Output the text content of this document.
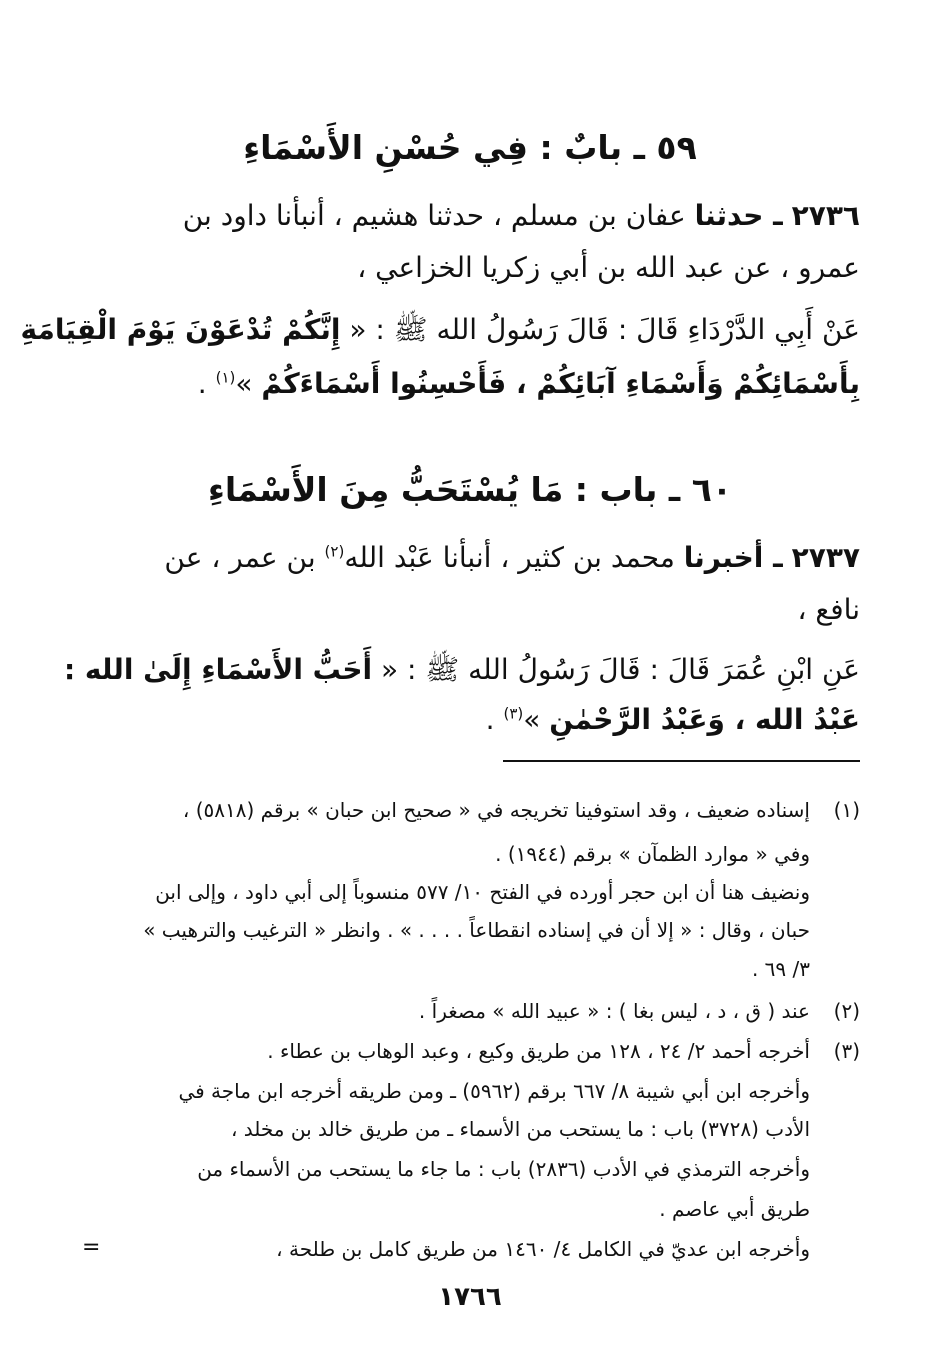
٥٩ ـ بابٌ : فِي حُسْنِ الأَسْمَاءِ
٢٧٣٦ ـ حدثنا عفان بن مسلم ، حدثنا هشيم ، أنبأنا داود بن
عمرو ، عن عبد الله بن أبي زكريا الخزاعي ،
عَنْ أَبِي الدَّرْدَاءِ قَالَ : قَالَ رَسُولُ الله ﷺ : « إِنَّكُمْ تُدْعَوْنَ يَوْمَ الْقِيَامَةِ
بِأَسْمَائِكُمْ وَأَسْمَاءِ آبَائِكُمْ ، فَأَحْسِنُوا أَسْمَاءَكُمْ »$^{(١)}$ .
٦٠ ـ باب : مَا يُسْتَحَبُّ مِنَ الأَسْمَاءِ
٢٧٣٧ ـ أخبرنا محمد بن كثير ، أنبأنا عَبْد الله$^{(٢)}$ بن عمر ، عن
نافع ،
عَنِ ابْنِ عُمَرَ قَالَ : قَالَ رَسُولُ الله ﷺ : « أَحَبُّ الأَسْمَاءِ إِلَىٰ الله :
عَبْدُ الله ، وَعَبْدُ الرَّحْمٰنِ »$^{(٣)}$ .
(١)
إسناده ضعيف ، وقد استوفينا تخريجه في « صحيح ابن حبان » برقم (٥٨١٨) ،
وفي « موارد الظمآن » برقم (١٩٤٤) .
ونضيف هنا أن ابن حجر أورده في الفتح ١٠/ ٥٧٧ منسوباً إلى أبي داود ، وإلى ابن
حبان ، وقال : « إلا أن في إسناده انقطاعاً . . . . » . وانظر « الترغيب والترهيب »
٣/ ٦٩ .
(٢)
عند ( ق ، د ، ليس بغا ) : « عبيد الله » مصغراً .
(٣)
أخرجه أحمد ٢/ ٢٤ ، ١٢٨ من طريق وكيع ، وعبد الوهاب بن عطاء .
وأخرجه ابن أبي شيبة ٨/ ٦٦٧ برقم (٥٩٦٢) ـ ومن طريقه أخرجه ابن ماجة في
الأدب (٣٧٢٨) باب : ما يستحب من الأسماء ـ من طريق خالد بن مخلد ،
وأخرجه الترمذي في الأدب (٢٨٣٦) باب : ما جاء ما يستحب من الأسماء من
طريق أبي عاصم .
وأخرجه ابن عديّ في الكامل ٤/ ١٤٦٠ من طريق كامل بن طلحة ،
=
١٧٦٦
